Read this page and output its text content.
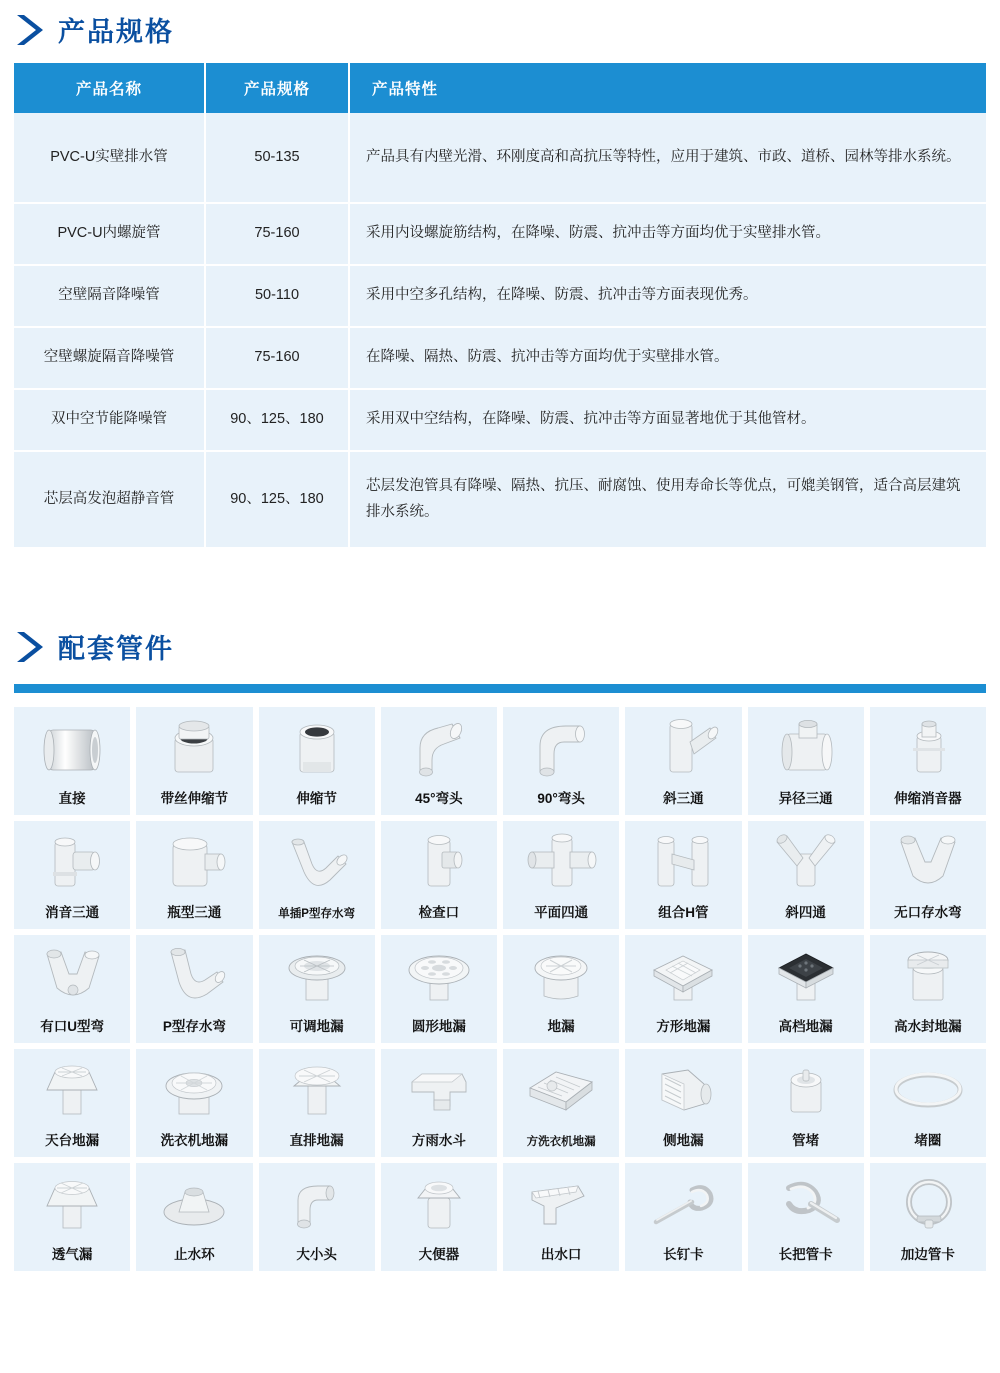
产品规格
产品名称	产品规格	产品特性
PVC-U实壁排水管	50-135	产品具有内壁光滑、环刚度高和高抗压等特性，应用于建筑、市政、道桥、园林等排水系统。
PVC-U内螺旋管	75-160	采用内设螺旋筋结构，在降噪、防震、抗冲击等方面均优于实壁排水管。
空壁隔音降噪管	50-110	采用中空多孔结构，在降噪、防震、抗冲击等方面表现优秀。
空壁螺旋隔音降噪管	75-160	在降噪、隔热、防震、抗冲击等方面均优于实壁排水管。
双中空节能降噪管	90、125、180	采用双中空结构，在降噪、防震、抗冲击等方面显著地优于其他管材。
芯层高发泡超静音管	90、125、180	芯层发泡管具有降噪、隔热、抗压、耐腐蚀、使用寿命长等优点，可媲美钢管，适合高层建筑排水系统。
配套管件
直接	带丝伸缩节	伸缩节	45°弯头	90°弯头	斜三通	异径三通	伸缩消音器
消音三通	瓶型三通	单插P型存水弯	检查口	平面四通	组合H管	斜四通	无口存水弯
有口U型弯	P型存水弯	可调地漏	圆形地漏	地漏	方形地漏	高档地漏	高水封地漏
天台地漏	洗衣机地漏	直排地漏	方雨水斗	方洗衣机地漏	侧地漏	管堵	堵圈
透气漏	止水环	大小头	大便器	出水口	长钉卡	长把管卡	加边管卡
